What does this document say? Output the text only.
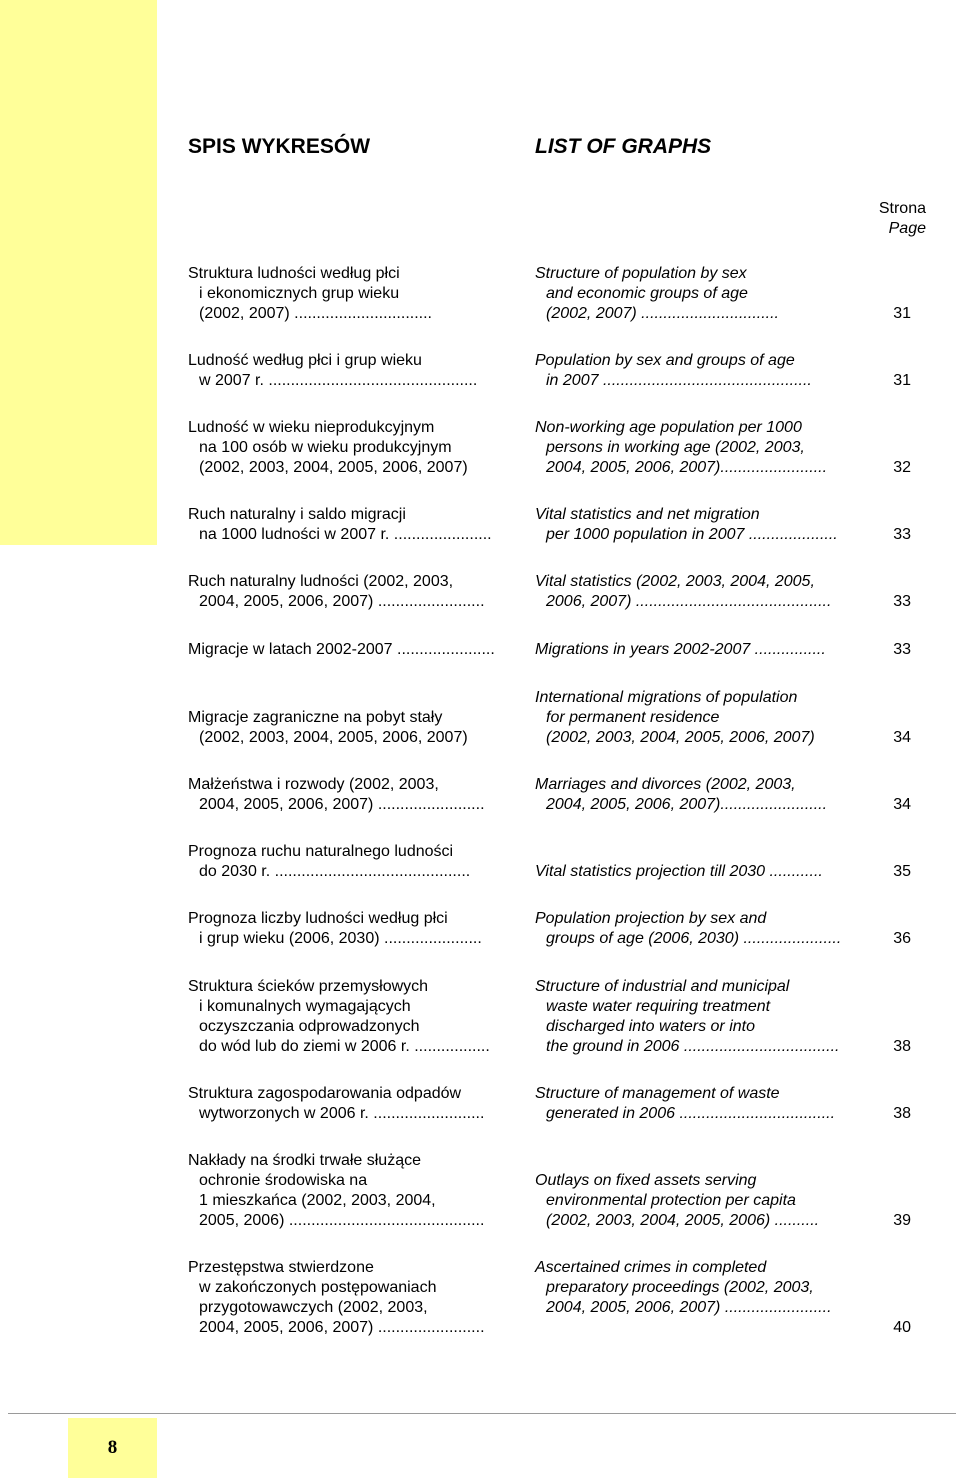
SPIS WYKRESÓW	LIST OF GRAPHS
Strona
Page
Struktura ludności według płci
i ekonomicznych grup wieku
(2002, 2007) ...............................
Structure of population by sex
and economic groups of age
(2002, 2007) ...............................	31
Ludność według płci i grup wieku
w 2007 r. ...............................................
Population by sex and groups of age
in 2007 ...............................................	31
Ludność w wieku nieprodukcyjnym
na 100 osób w wieku produkcyjnym
(2002, 2003, 2004, 2005, 2006, 2007)
Non-working age population per 1000
persons in working age (2002, 2003,
2004, 2005, 2006, 2007)........................	32
Ruch naturalny i saldo migracji
na 1000 ludności w 2007 r. ......................
Vital statistics and net migration
per 1000 population in 2007 ....................	33
Ruch naturalny ludności (2002, 2003,
2004, 2005, 2006, 2007) ........................
Vital statistics (2002, 2003, 2004, 2005,
2006, 2007) ............................................	33
Migracje w latach 2002-2007 ......................	Migrations in years 2002-2007 ................	33
Migracje zagraniczne na pobyt stały
(2002, 2003, 2004, 2005, 2006, 2007)
International migrations of population
for permanent residence
(2002, 2003, 2004, 2005, 2006, 2007)	34
Małżeństwa i rozwody (2002, 2003,
2004, 2005, 2006, 2007) ........................
Marriages and divorces (2002, 2003,
2004, 2005, 2006, 2007)........................	34
Prognoza ruchu naturalnego ludności
do 2030 r. ............................................	Vital statistics projection till 2030 ............	35
Prognoza liczby ludności według płci
i grup wieku (2006, 2030) ......................
Population projection by sex and
groups of age (2006, 2030) ......................	36
Struktura ścieków przemysłowych
i komunalnych wymagających
oczyszczania odprowadzonych
do wód lub do ziemi w 2006 r. .................
Structure of industrial and municipal
waste water requiring treatment
discharged into waters or into
the ground in 2006 ...................................	38
Struktura zagospodarowania odpadów
wytworzonych w 2006 r. .........................
Structure of management of waste
generated in 2006 ...................................	38
Nakłady na środki trwałe służące
ochronie środowiska na
1 mieszkańca (2002, 2003, 2004,
2005, 2006) ............................................
Outlays on fixed assets serving
environmental protection per capita
(2002, 2003, 2004, 2005, 2006) ..........	39
Przestępstwa stwierdzone
w zakończonych postępowaniach
przygotowawczych (2002, 2003,
2004, 2005, 2006, 2007) ........................
Ascertained crimes in completed
preparatory proceedings (2002, 2003,
2004, 2005, 2006, 2007) ........................
40
8
